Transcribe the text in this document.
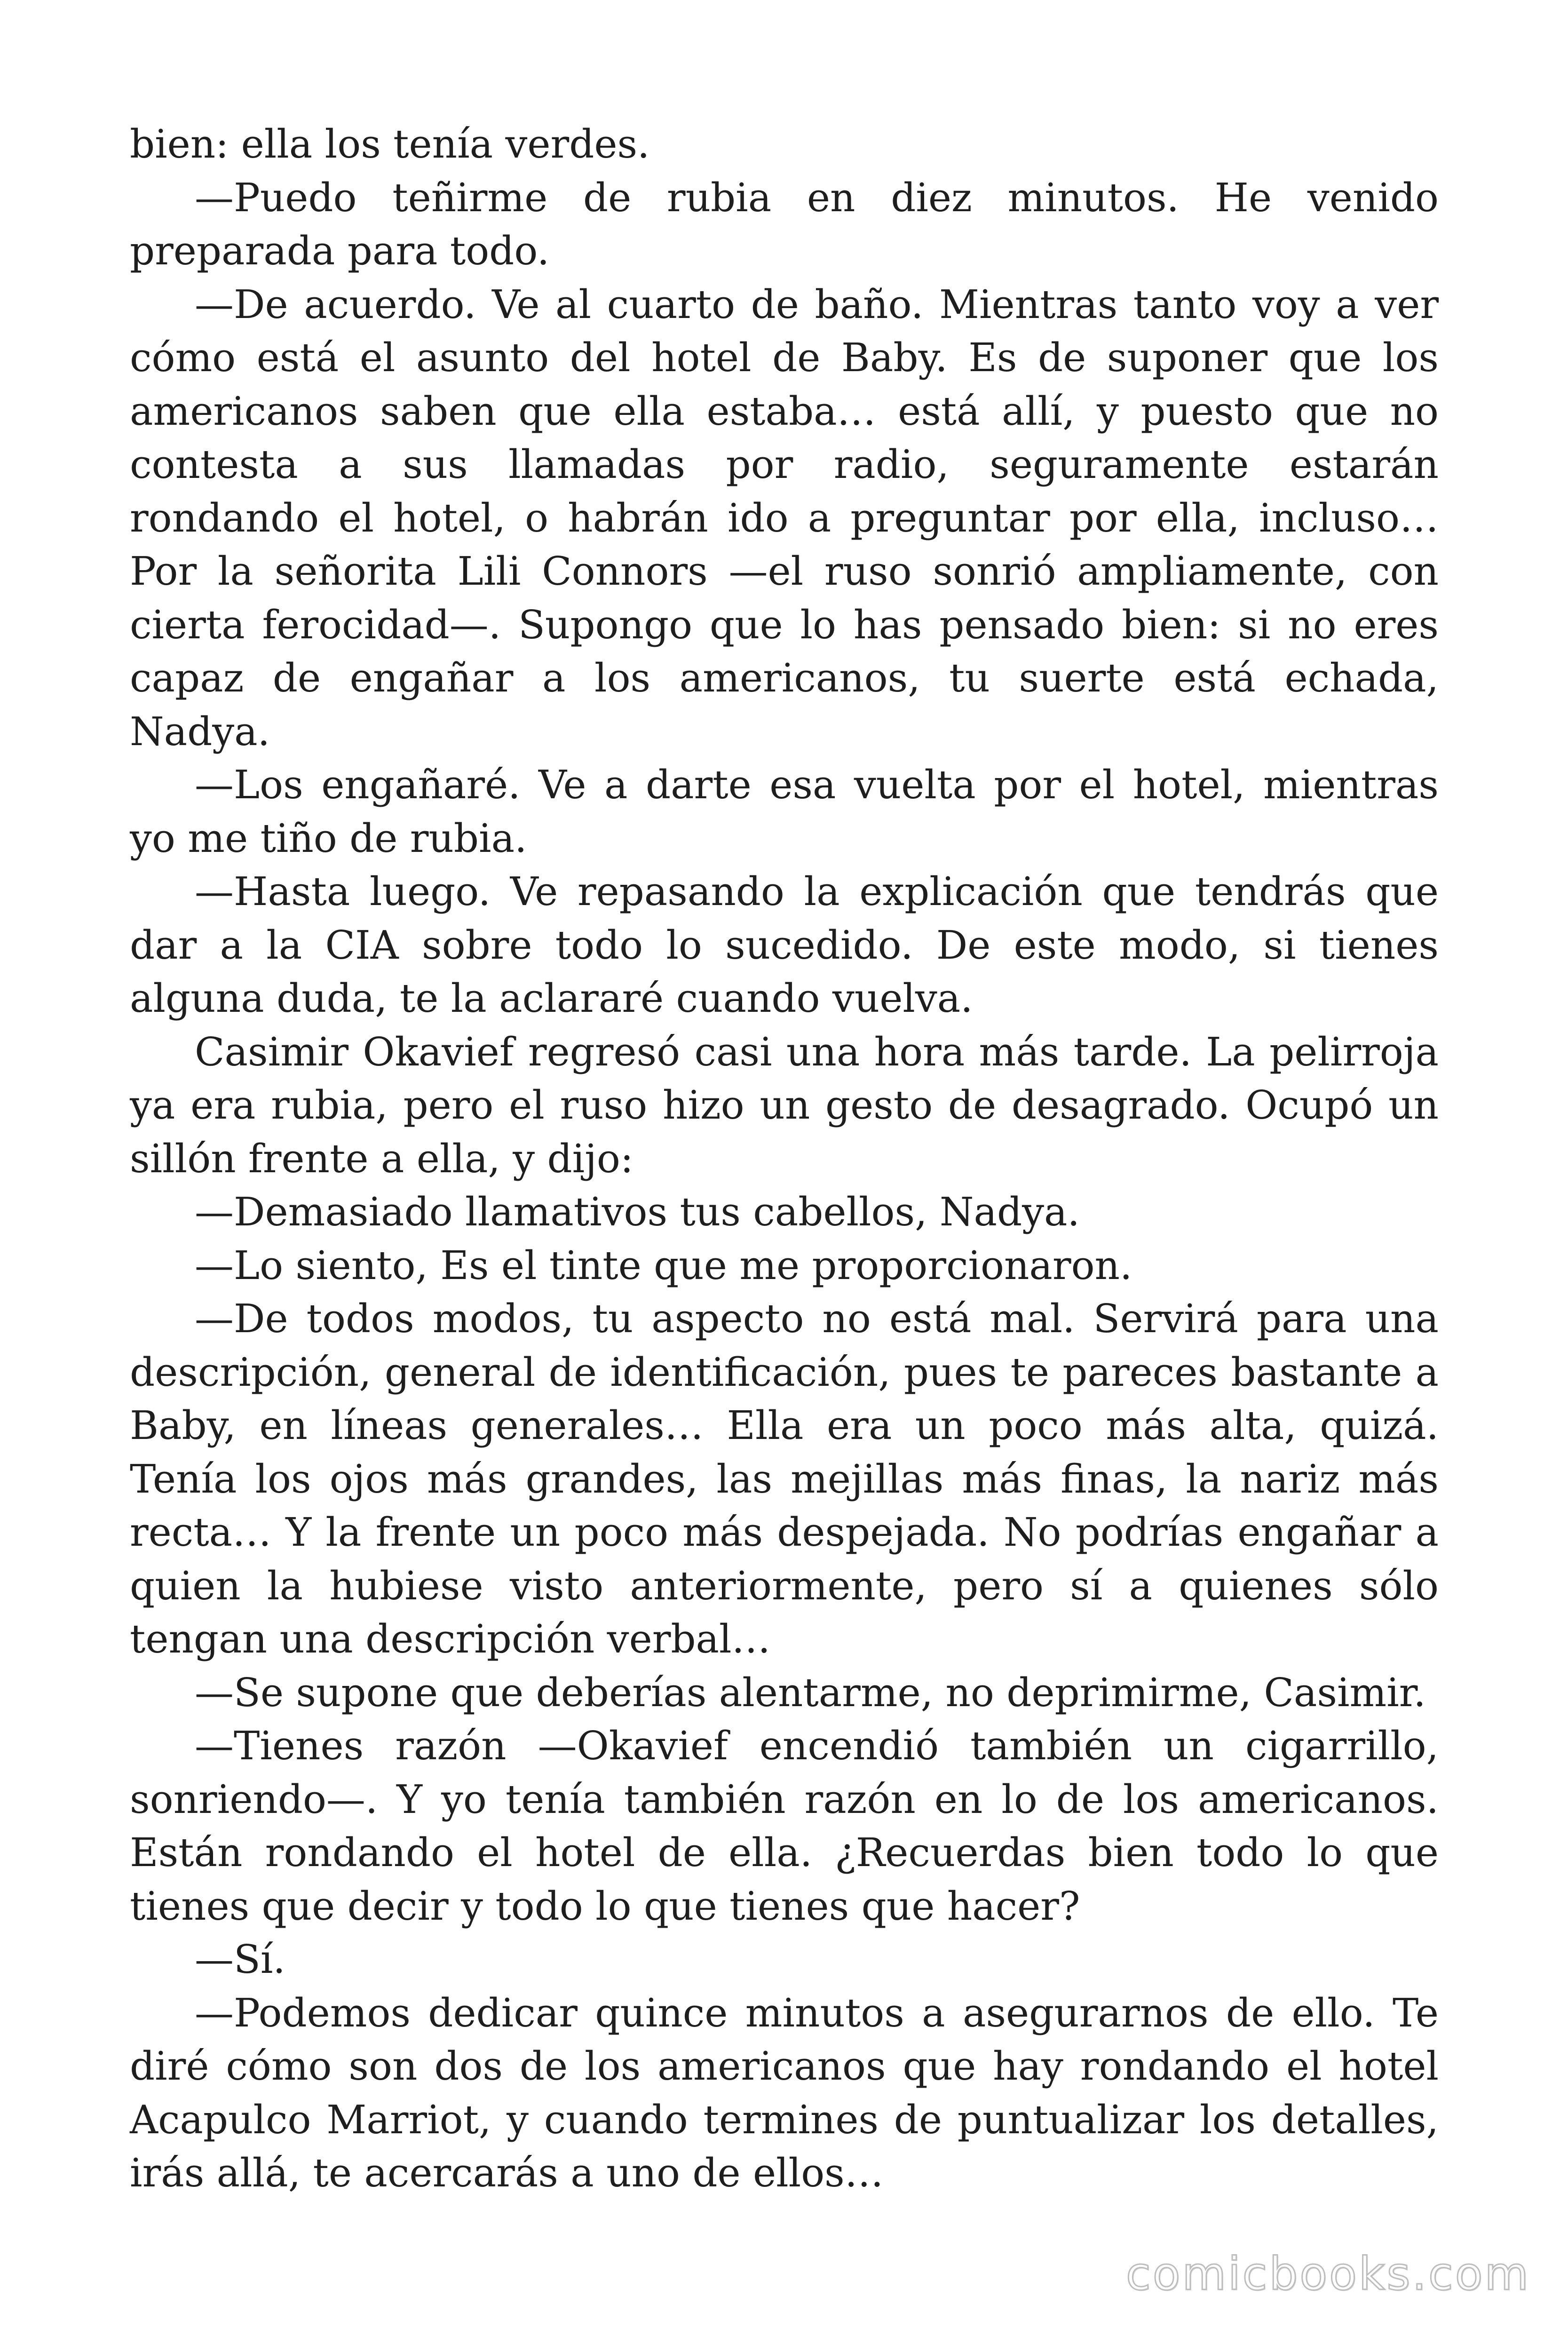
bien: ella los tenía verdes.

—Puedo teñirme de rubia en diez minutos. He venido preparada para todo.

—De acuerdo. Ve al cuarto de baño. Mientras tanto voy a ver cómo está el asunto del hotel de Baby. Es de suponer que los americanos saben que ella estaba… está allí, y puesto que no contesta a sus llamadas por radio, seguramente estarán rondando el hotel, o habrán ido a preguntar por ella, incluso… Por la señorita Lili Connors —el ruso sonrió ampliamente, con cierta ferocidad—. Supongo que lo has pensado bien: si no eres capaz de engañar a los americanos, tu suerte está echada, Nadya.

—Los engañaré. Ve a darte esa vuelta por el hotel, mientras yo me tiño de rubia.

—Hasta luego. Ve repasando la explicación que tendrás que dar a la CIA sobre todo lo sucedido. De este modo, si tienes alguna duda, te la aclararé cuando vuelva.

Casimir Okavief regresó casi una hora más tarde. La pelirroja ya era rubia, pero el ruso hizo un gesto de desagrado. Ocupó un sillón frente a ella, y dijo:

—Demasiado llamativos tus cabellos, Nadya.

—Lo siento, Es el tinte que me proporcionaron.

—De todos modos, tu aspecto no está mal. Servirá para una descripción, general de identificación, pues te pareces bastante a Baby, en líneas generales… Ella era un poco más alta, quizá. Tenía los ojos más grandes, las mejillas más finas, la nariz más recta… Y la frente un poco más despejada. No podrías engañar a quien la hubiese visto anteriormente, pero sí a quienes sólo tengan una descripción verbal…

—Se supone que deberías alentarme, no deprimirme, Casimir.

—Tienes razón —Okavief encendió también un cigarrillo, sonriendo—. Y yo tenía también razón en lo de los americanos. Están rondando el hotel de ella. ¿Recuerdas bien todo lo que tienes que decir y todo lo que tienes que hacer?

—Sí.

—Podemos dedicar quince minutos a asegurarnos de ello. Te diré cómo son dos de los americanos que hay rondando el hotel Acapulco Marriot, y cuando termines de puntualizar los detalles, irás allá, te acercarás a uno de ellos…

comicbooks.com
